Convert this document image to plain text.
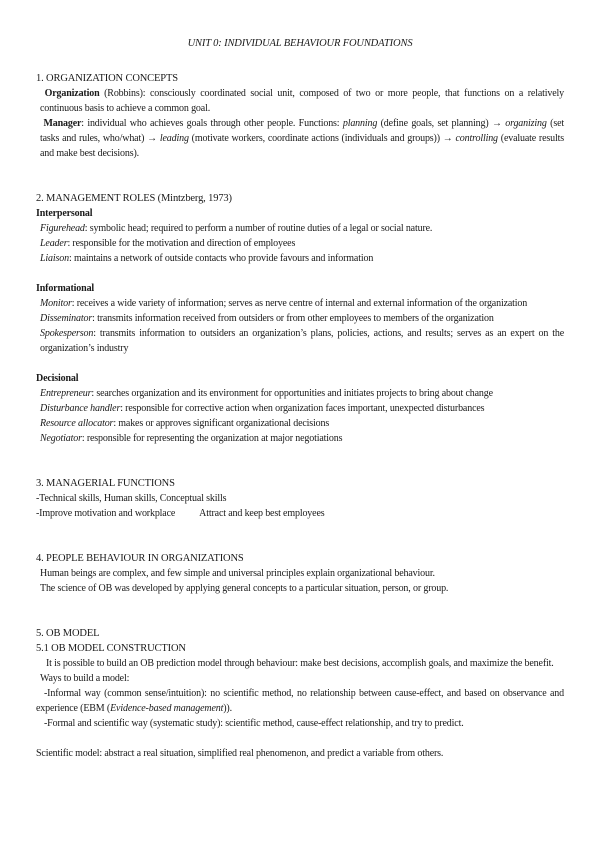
UNIT 0: INDIVIDUAL BEHAVIOUR FOUNDATIONS
1. ORGANIZATION CONCEPTS

Organization (Robbins): consciously coordinated social unit, composed of two or more people, that functions on a relatively continuous basis to achieve a common goal.

Manager: individual who achieves goals through other people. Functions: planning (define goals, set planning) → organizing (set tasks and rules, who/what) → leading (motivate workers, coordinate actions (individuals and groups)) → controlling (evaluate results and make best decisions).

2. MANAGEMENT ROLES (Mintzberg, 1973)

Interpersonal

Figurehead: symbolic head; required to perform a number of routine duties of a legal or social nature.

Leader: responsible for the motivation and direction of employees

Liaison: maintains a network of outside contacts who provide favours and information

Informational

Monitor: receives a wide variety of information; serves as nerve centre of internal and external information of the organization

Disseminator: transmits information received from outsiders or from other employees to members of the organization

Spokesperson: transmits information to outsiders an organization’s plans, policies, actions, and results; serves as an expert on the organization’s industry

Decisional

Entrepreneur: searches organization and its environment for opportunities and initiates projects to bring about change

Disturbance handler: responsible for corrective action when organization faces important, unexpected disturbances

Resource allocator: makes or approves significant organizational decisions

Negotiator: responsible for representing the organization at major negotiations

3. MANAGERIAL FUNCTIONS

-Technical skills, Human skills, Conceptual skills

-Improve motivation and workplace Attract and keep best employees

4. PEOPLE BEHAVIOUR IN ORGANIZATIONS

Human beings are complex, and few simple and universal principles explain organizational behaviour.

The science of OB was developed by applying general concepts to a particular situation, person, or group.

5. OB MODEL
5.1 OB MODEL CONSTRUCTION

It is possible to build an OB prediction model through behaviour: make best decisions, accomplish goals, and maximize the benefit.

Ways to build a model:

-Informal way (common sense/intuition): no scientific method, no relationship between cause-effect, and based on observance and experience (EBM (Evidence-based management)).

-Formal and scientific way (systematic study): scientific method, cause-effect relationship, and try to predict.

Scientific model: abstract a real situation, simplified real phenomenon, and predict a variable from others.
